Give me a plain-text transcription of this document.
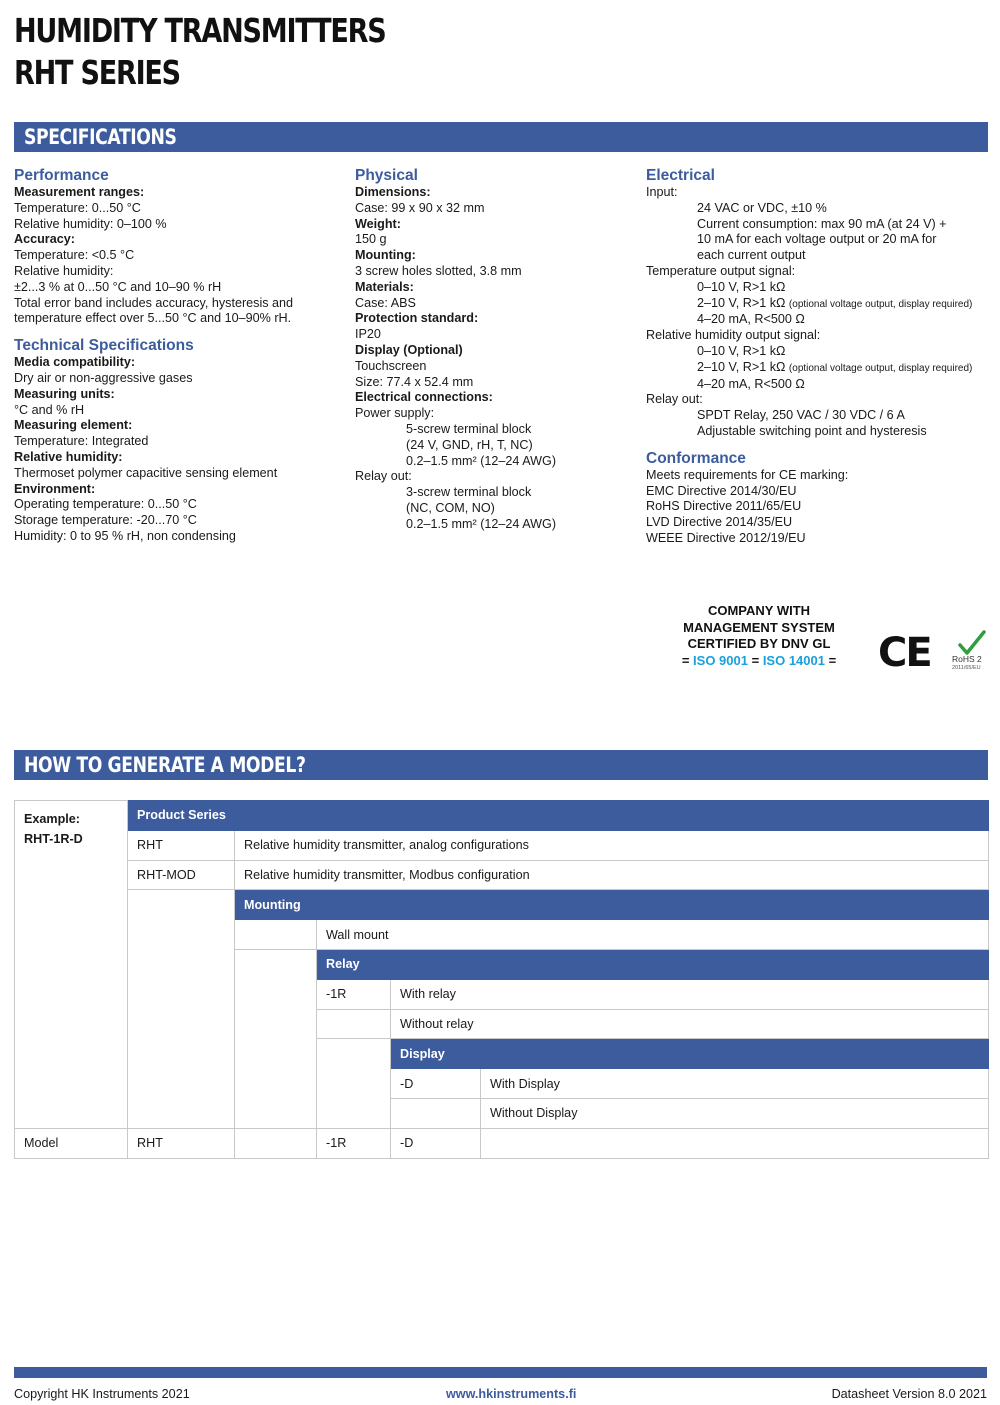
HUMIDITY TRANSMITTERS
RHT SERIES
SPECIFICATIONS
Performance
Measurement ranges:
Temperature: 0...50 °C
Relative humidity: 0–100 %
Accuracy:
Temperature: <0.5 °C
Relative humidity:
±2...3 % at 0...50 °C and 10–90 % rH
Total error band includes accuracy, hysteresis and
temperature effect over 5...50 °C and 10–90% rH.
Technical Specifications
Media compatibility:
Dry air or non-aggressive gases
Measuring units:
°C and % rH
Measuring element:
Temperature: Integrated
Relative humidity:
Thermoset polymer capacitive sensing element
Environment:
Operating temperature: 0...50 °C
Storage temperature: -20...70 °C
Humidity: 0 to 95 % rH, non condensing
Physical
Dimensions:
Case: 99 x 90 x 32 mm
Weight:
150 g
Mounting:
3 screw holes slotted, 3.8 mm
Materials:
Case: ABS
Protection standard:
IP20
Display (Optional)
Touchscreen
Size: 77.4 x 52.4 mm
Electrical connections:
Power supply:
5-screw terminal block
(24 V, GND, rH, T, NC)
0.2–1.5 mm² (12–24 AWG)
Relay out:
3-screw terminal block
(NC, COM, NO)
0.2–1.5 mm² (12–24 AWG)
Electrical
Input:
24 VAC or VDC, ±10 %
Current consumption: max 90 mA (at 24 V) +
10 mA for each voltage output or 20 mA for
each current output
Temperature output signal:
0–10 V, R>1 kΩ
2–10 V, R>1 kΩ (optional voltage output, display required)
4–20 mA, R<500 Ω
Relative humidity output signal:
0–10 V, R>1 kΩ
2–10 V, R>1 kΩ (optional voltage output, display required)
4–20 mA, R<500 Ω
Relay out:
SPDT Relay, 250 VAC / 30 VDC / 6 A
Adjustable switching point and hysteresis
Conformance
Meets requirements for CE marking:
EMC Directive 2014/30/EU
RoHS Directive 2011/65/EU
LVD Directive 2014/35/EU
WEEE Directive 2012/19/EU
COMPANY WITH
MANAGEMENT SYSTEM
CERTIFIED BY DNV GL
= ISO 9001 = ISO 14001 =	CE	RoHS 2
2011/65/EU
HOW TO GENERATE A MODEL?
Example:
RHT-1R-D	Product Series				
	RHT	Relative humidity transmitter, analog configurations			
	RHT-MOD	Relative humidity transmitter, Modbus configuration			
		Mounting			
			Wall mount		
			Relay		
			-1R	With relay	
				Without relay	
				Display	
				-D	With Display
					Without Display
Model	RHT		-1R	-D	
Copyright HK Instruments 2021	www.hkinstruments.fi	Datasheet Version 8.0 2021
